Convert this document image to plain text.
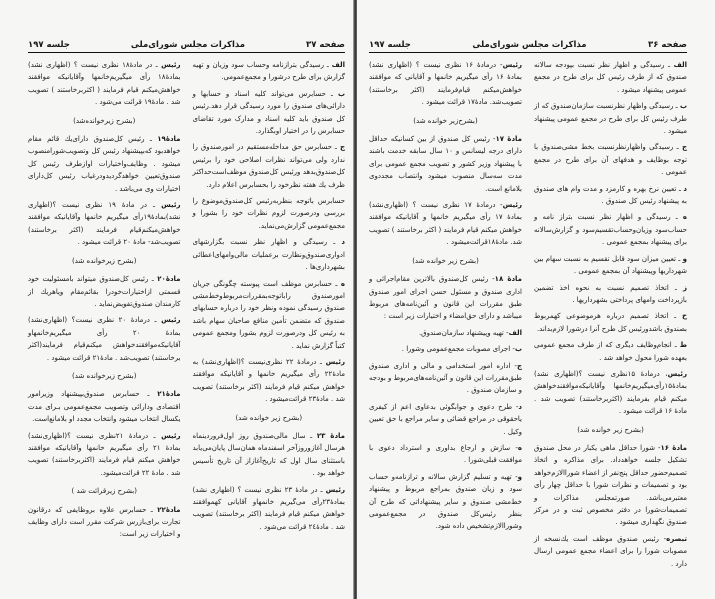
صفحه ۳۷
مذاکرات مجلس شورای‌ملی
جلسه ۱۹۷

الف ـ رسیدگی بترازنامه وحساب سود وزیان و تهیه گزارش برای طرح درشورا و مجمع‌عمومی.

ب ـ حسابرس می‌تواند کلیه اسناد و حسابها و دارائی‌های صندوق را مورد رسیدگی قرار دهد.رئیس کل صندوق باید کلیه اسناد و مدارک مورد تقاضای حسابرس را در اختیار اوبگذارد.

ج ـ حسابرس حق مداخله‌مستقیم در امورصندوق را ندارد ولی می‌تواند نظرات اصلاحی خود را برئیس کل‌صندوق‌بدهد ورئیس کل‌صندوق موظف‌است‌حداکثر ظرف یك هفته نظرخود را بحسابرس اعلام دارد.

حسابرس باتوجه بنظربه‌رئیس کل‌صندوق‌موضوع را بررسی ودرصورت لزوم نظرات خود را بشورا و مجمع‌عمومی گزارش‌می‌نماید.

د ـ رسیدگی و اظهار نظر نسبت بگزارشهای ادواری‌صندوق‌ونظارت برعملیات مالی‌وامهای‌اعطائی بشهرداری‌ها .

ه ـ حسابرس موظف است پیوسته چگونگی جریان امورصندوق راباتوجه‌بمقررات‌مربوط‌وخط‌مشی صندوق رسیدگی نموده ونظر خود را درباره حسابهای صندوق که متضمن تأمین منافع صاحبان سهام باشد به رئیس کل ودرصورت لزوم بشورا ومجمع عمومی کتباً گزارش نماید .

رئیس ـ درمادهٔ ۲۲ نظری‌نیست ؟(اظهاری‌نشد) به مادهٔ۲۲ رأی میگیریم خانمها و آقایانیکه موافقند خواهش میکنم قیام فرمایند (اکثر برخاستند) تصویب شد . مادهٔ۲۳ قرائت‌میشود .

(بشرح زیر خوانده شد)

مادهٔ ۲۳ ـ سال مالی‌صندوق روز اول‌فروردینماه هرسال آغازوروزآخر اسفندماه همان‌سال پایان‌می‌یابد باستثنای سال اول که تاریخ‌آغازاز آن تاریخ تأسیس خواهد بود .

رئیس ـ در مادهٔ ۲۳ نظری نیست ؟ (اظهاری نشد) بمادهٔ۲۳رأی می‌گیریم خانمهاو آقایانی کهموافقند خواهش میکنم قیام فرمایند (اکثر برخاستند) تصویب شد . مادهٔ۲٤ قرائت می‌شود .

رئیس ـ در مادهٔ۱۸ نظری نیست ؟ (اظهاری نشد) بمادهٔ۱۸ رأی میگیریم‌خانمها وآقایانیکه موافقند خواهش‌میکنم قیام فرمایند ( اکثربرخاستند ) تصویب شد . مادهٔ۱۹ قرائت می‌شود .

(بشرح زیرخوانده‌شد)

مادهٔ۱۹ ـ رئیس کل‌صندوق دارای‌یك قائم مقام خواهدبود که‌بپیشنهاد رئیس کل وتصویب‌شورامنصوب میشود . وظایف‌واختیارات اوازطرف رئیس کل صندوق‌تعیین خواهدگردید‌ودرغیاب رئیس کل‌دارای اختیارات وی می‌باشد .

رئیس ـ در مادهٔ ۱۹ نظری نیست ؟(اظهاری نشد)بمادهٔ۱۹رأی میگیریم خانمها وآقایانیکه موافقند خواهش‌میکنم‌قیام فرمایند (اکثر برخاستند) تصویب‌شد- مادهٔ ۲۰ قرائت میشود .

(بشرح زیرخوانده شد)

مادهٔ۲۰ ـ رئیس کل‌صندوق میتواند بامسئولیت خود قسمتی ازاختیارات‌خودرا بقائم‌مقام ویاهریك از کارمندان صندوق‌تفویض‌نماید .

رئیس ـ درمادهٔ ۲۰ نظری نیست؟ (اظهاری‌نشد) بمادهٔ ۲۰ رأی میگیریم‌خانمهاو آقایانیکه‌موافقندخواهش میکنم‌قیام فرمایند(اکثر برخاستند) تصویب‌شد . مادهٔ۲۱ قرائت میشود .

(بشرح زیرخوانده شد)

مادهٔ۲۱ ـ حسابرس صندوق‌بپیشنهاد وزیرامور اقتصادی ودارائی وتصویب مجمع‌عمومی بـرای مدت یکسال انتخاب میشود وانتخاب مجدد او بلامانع‌است.

رئیس ـ درمادهٔ ۲۱نظری نیست ؟(اظهاری‌نشد) بمادهٔ ۲۱ رأی میگیریم خانمها وآقایانیکه موافقند خواهش میکنم قیام فرمایند (اکثربرخاستند) تصویب شد . مادهٔ ۲۲ قرائت‌میشود.

(بشرح زیرقرائت شد )

مادهٔ۲۲ ـ حسابرس علاوه بروظایفی که درقانون تجارت برای‌بازرس شرکت مقرر است دارای وظایف و اختیارات زیر است:

صفحه ۳۶
مذاکرات مجلس شورای‌ملی
جلسه ۱۹۷

الف ـ رسیدگی و اظهار نظر نسبت بپودجه سالانه صندوق که از طرف رئیس کل برای طرح در مجمع عمومی پیشنهاد میشود .

ب ـ رسیدگی واظهار نظرنسبت سازمان‌صندوق که از طرف رئیس کل برای طرح در مجمع عمومی پیشنهاد میشود .

ج ـ رسیدگی واظهارنظرنسبت بخط مشی‌صندوق با توجه بوظایف و هدفهای آن برای طرح در مجمع عمومی .

د ـ تعیین نرخ بهره و کارمزد و مدت وام های صندوق به پیشنهاد رئیس کل صندوق .

ه ـ رسیدگی و اظهار نظر نسبت بتراز نامه و حساب‌سود وزیان‌وحساب‌تقسیم‌سود و گزارش‌سالانه برای پیشنهاد بمجمع عمومی .

و ـ تعیین میزان سود قابل تقسیم به نسبت سهام بین شهرداریها وپیشنهاد آن بمجمع عمومی .

ز ـ اتخاذ تصمیم نسبت به نحوه اخذ تضمین بازپرداخت وامهای پرداختی بشهرداریها .

ح ـ اتخاذ تصمیم درباره هرموضوعی کهمربوط بصندوق باشدورئیس کل طرح آنرا درشورا لازم‌بداند.

ط ـ انجام‌وظایف دیگری که از طرف مجمع عمومی بعهده شورا محول خواهد شد .

رئیس، درمادهٔ ۱۵نظری نیست ؟(اظهاری نشد) بمادهٔ۱۵رأی‌میگیریم‌خانمها وآقایانیکه‌موافقندخواهش میکنم قیام بفرمایند (اکثربرخاستند) تصویب شد . مادهٔ ۱۶ قرائت میشود .

(بشرح زیر خوانده شد)

مادهٔ ۱۶- شورا حداقل ماهی یکبار در محل صندوق تشکیل جلسه خواهدداد. برای مذاکره و اتخاذ تصمیم‌حضور حداقل پنج‌نفر از اعضاء شوراالازم‌خواهد بود و تصمیمات و نظرات شورا با حداقل چهار رأی معتبرمی‌باشد. صورتمجلس مذاکرات و تصمیمات‌شورا در دفتر مخصوص ثبت و در مرکز صندوق نگهداری میشود .

تبصره- رئیس صندوق موظف است یك‌نسخه از مصوبات شورا را برای اعضاء مجمع عمومی ارسال دارد .

رئیس- درمادهٔ ۱۶ نظری نیست ؟ (اظهاری نشد) بمادهٔ ۱۶ رأی میگیریم خانمها و آقایانی که موافقند خواهش‌میکنم قیام‌فرمایند (اکثر برخاستند) تصویب‌شد. مادهٔ۱۷ قرائت میشود .

(بشرح‌زیر خوانده شد)

مادهٔ ۱۷- رئیس کل صندوق از بین کسانیکه حداقل دارای درجه لیسانس و ۱۰ سال سابقه خدمت باشند با پیشنهاد وزیر کشور و تصویب مجمع عمومی برای مدت سه‌سال منصوب میشود وانتصاب مجددوی بلامانع است.

رئیس- درمادهٔ ۱۷ نظری نیست ؟ (اظهاری‌نشد) بمادهٔ ۱۷ رأی میگیریم خانمها و آقایانیکه موافقند خواهش میکنم قیام فرمایند ( اکثر برخاستند ) تصویب شد. مادهٔ۱۸قرائت‌میشود .

(بشرح زیر خوانده شد)

مادهٔ ۱۸- رئیس کل‌صندوق بالاترین مقام‌اجرائی و اداری صندوق و مسئول حسن اجرای امور صندوق طبق مقررات این قانون و آئین‌نامه‌های مربوط میباشد و دارای حق‌امضاء و اختیارات زیر است :

الف- تهیه وپیشنهاد سازمان‌صندوق.

ب- اجرای مصوبات مجمع‌عمومی وشورا .

ج- اداره امور استخدامی و مالی و اداری صندوق طبق‌مقررات این قانون و آئین‌نامه‌های‌مربوط و بودجه و سازمان صندوق .

د- طرح دعوی و جوابگوئی بدعاوی اعم از کیفری یاحقوقی در مراجع قضائی و سایر مراجع با حق تعیین وکیل .

ه- سازش و ارجاع بداوری و استرداد دعوی با موافقت قبلی‌شورا .

و- تهیه و تسلیم گزارش سالانه و ترازنامه‌و حساب سود و زیان صندوق بمراجع مربوط و پیشنهاد خط‌مشی صندوق و سایر پیشنهاداتی که طرح آن بنظر رئیس‌کل صندوق در مجمع‌عمومی وشوراالازم‌تشخیص داده شود.
